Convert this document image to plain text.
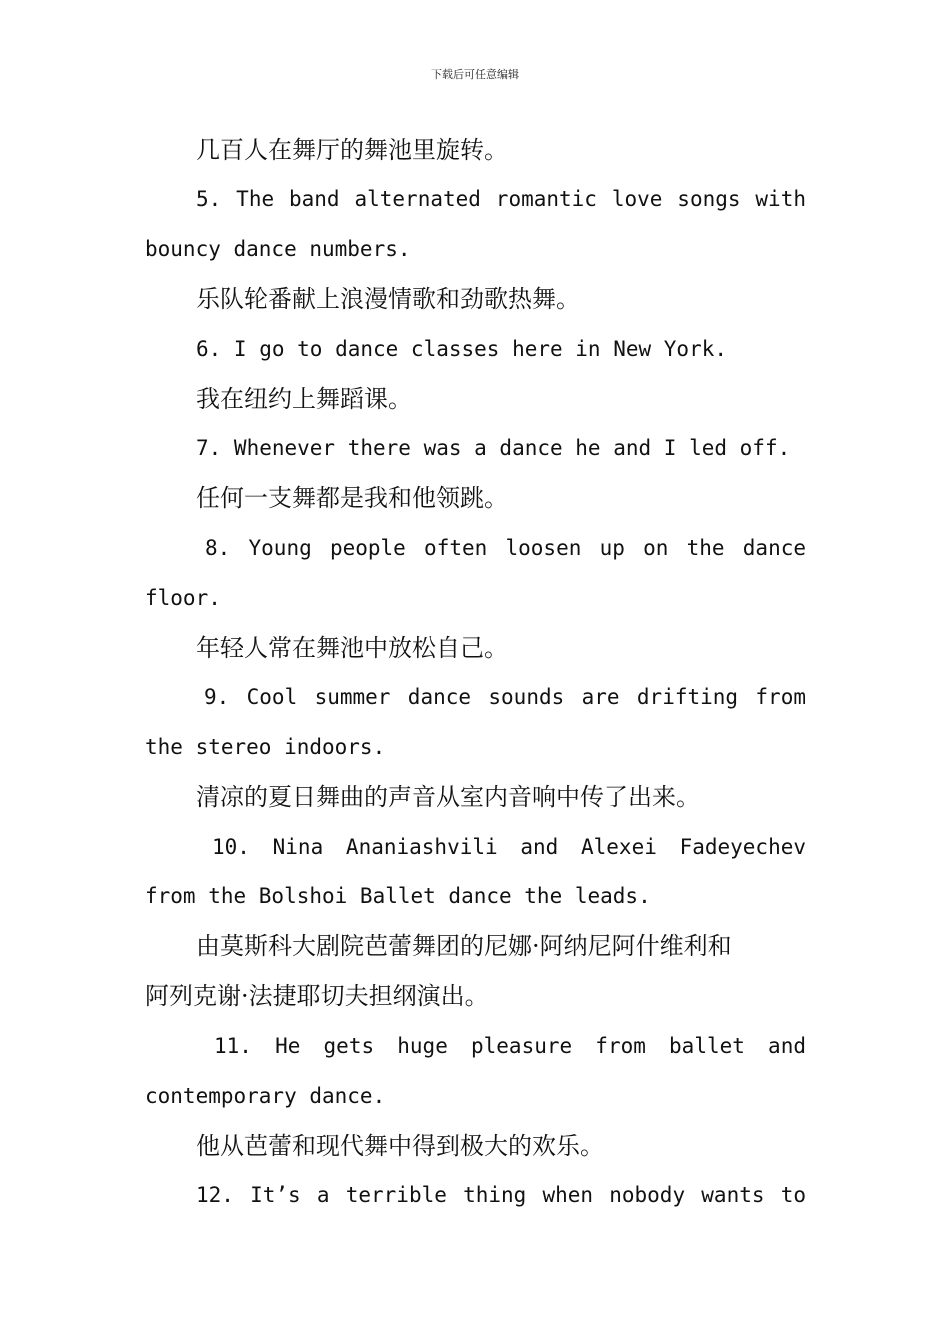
下载后可任意编辑
几百人在舞厅的舞池里旋转。
5. The band alternated romantic love songs with
bouncy dance numbers.
乐队轮番献上浪漫情歌和劲歌热舞。
6. I go to dance classes here in New York.
我在纽约上舞蹈课。
7. Whenever there was a dance he and I led off.
任何一支舞都是我和他领跳。
8. Young people often loosen up on the dance
floor.
年轻人常在舞池中放松自己。
9. Cool summer dance sounds are drifting from
the stereo indoors.
清凉的夏日舞曲的声音从室内音响中传了出来。
10. Nina Ananiashvili and Alexei Fadeyechev
from the Bolshoi Ballet dance the leads.
由莫斯科大剧院芭蕾舞团的尼娜·阿纳尼阿什维利和
阿列克谢·法捷耶切夫担纲演出。
11. He gets huge pleasure from ballet and
contemporary dance.
他从芭蕾和现代舞中得到极大的欢乐。
12. It’s a terrible thing when nobody wants to
